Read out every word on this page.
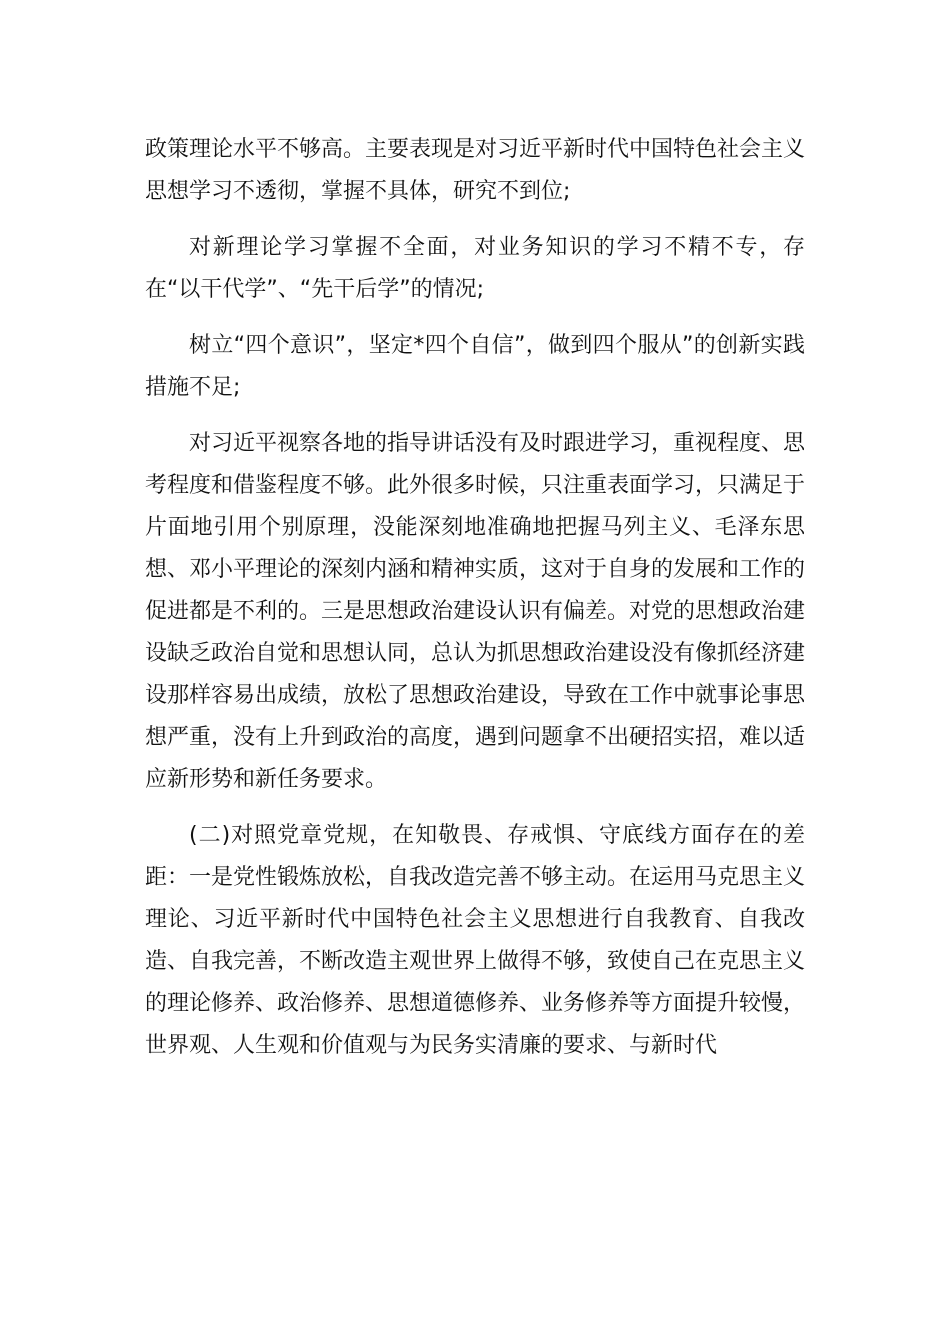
政策理论水平不够高。主要表现是对习近平新时代中国特色社会主义思想学习不透彻，掌握不具体，研究不到位;

对新理论学习掌握不全面，对业务知识的学习不精不专，存在“以干代学”、“先干后学”的情况;

树立“四个意识”，坚定*四个自信”，做到四个服从”的创新实践措施不足;

对习近平视察各地的指导讲话没有及时跟进学习，重视程度、思考程度和借鉴程度不够。此外很多时候，只注重表面学习，只满足于片面地引用个别原理，没能深刻地准确地把握马列主义、毛泽东思想、邓小平理论的深刻内涵和精神实质，这对于自身的发展和工作的促进都是不利的。三是思想政治建设认识有偏差。对党的思想政治建设缺乏政治自觉和思想认同，总认为抓思想政治建设没有像抓经济建设那样容易出成绩，放松了思想政治建设，导致在工作中就事论事思想严重，没有上升到政治的高度，遇到问题拿不出硬招实招，难以适应新形势和新任务要求。

(二)对照党章党规，在知敬畏、存戒惧、守底线方面存在的差距：一是党性锻炼放松，自我改造完善不够主动。在运用马克思主义理论、习近平新时代中国特色社会主义思想进行自我教育、自我改造、自我完善，不断改造主观世界上做得不够，致使自己在克思主义的理论修养、政治修养、思想道德修养、业务修养等方面提升较慢，世界观、人生观和价值观与为民务实清廉的要求、与新时代
